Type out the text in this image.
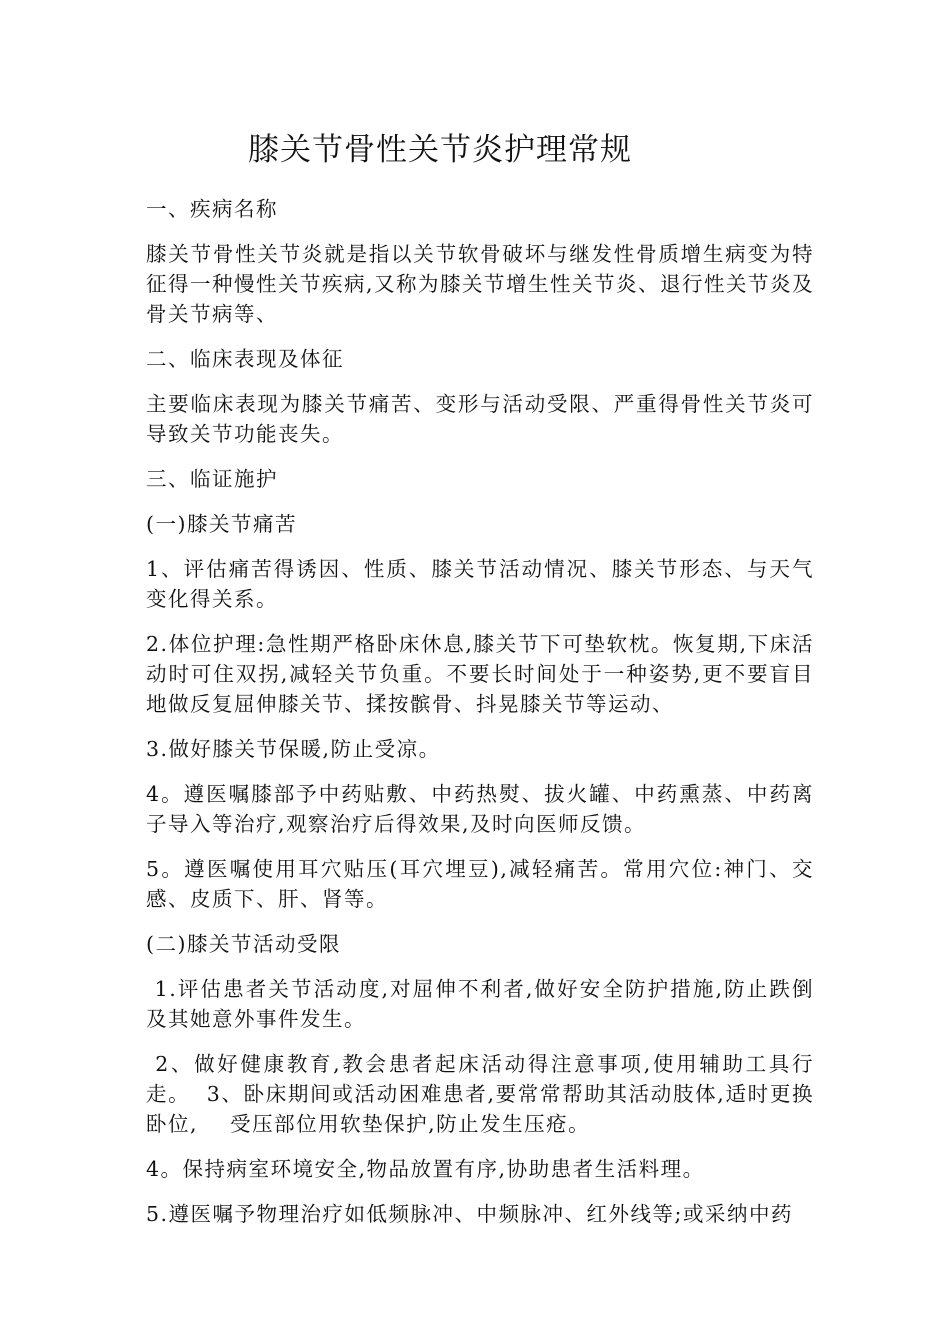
膝关节骨性关节炎护理常规

一、疾病名称

膝关节骨性关节炎就是指以关节软骨破坏与继发性骨质增生病变为特征得一种慢性关节疾病,又称为膝关节增生性关节炎、退行性关节炎及骨关节病等、

二、临床表现及体征

主要临床表现为膝关节痛苦、变形与活动受限、严重得骨性关节炎可导致关节功能丧失。

三、临证施护

(一)膝关节痛苦

1、评估痛苦得诱因、性质、膝关节活动情况、膝关节形态、与天气变化得关系。

2.体位护理:急性期严格卧床休息,膝关节下可垫软枕。恢复期,下床活动时可住双拐,减轻关节负重。不要长时间处于一种姿势,更不要盲目地做反复屈伸膝关节、揉按髌骨、抖晃膝关节等运动、

3.做好膝关节保暖,防止受凉。

4。遵医嘱膝部予中药贴敷、中药热熨、拔火罐、中药熏蒸、中药离子导入等治疗,观察治疗后得效果,及时向医师反馈。

5。遵医嘱使用耳穴贴压(耳穴埋豆),减轻痛苦。常用穴位:神门、交感、皮质下、肝、肾等。

(二)膝关节活动受限

1.评估患者关节活动度,对屈伸不利者,做好安全防护措施,防止跌倒及其她意外事件发生。

2、做好健康教育,教会患者起床活动得注意事项,使用辅助工具行走。  3、卧床期间或活动困难患者,要常常帮助其活动肢体,适时更换卧位,    受压部位用软垫保护,防止发生压疮。

4。保持病室环境安全,物品放置有序,协助患者生活料理。

5.遵医嘱予物理治疗如低频脉冲、中频脉冲、红外线等;或采纳中药
